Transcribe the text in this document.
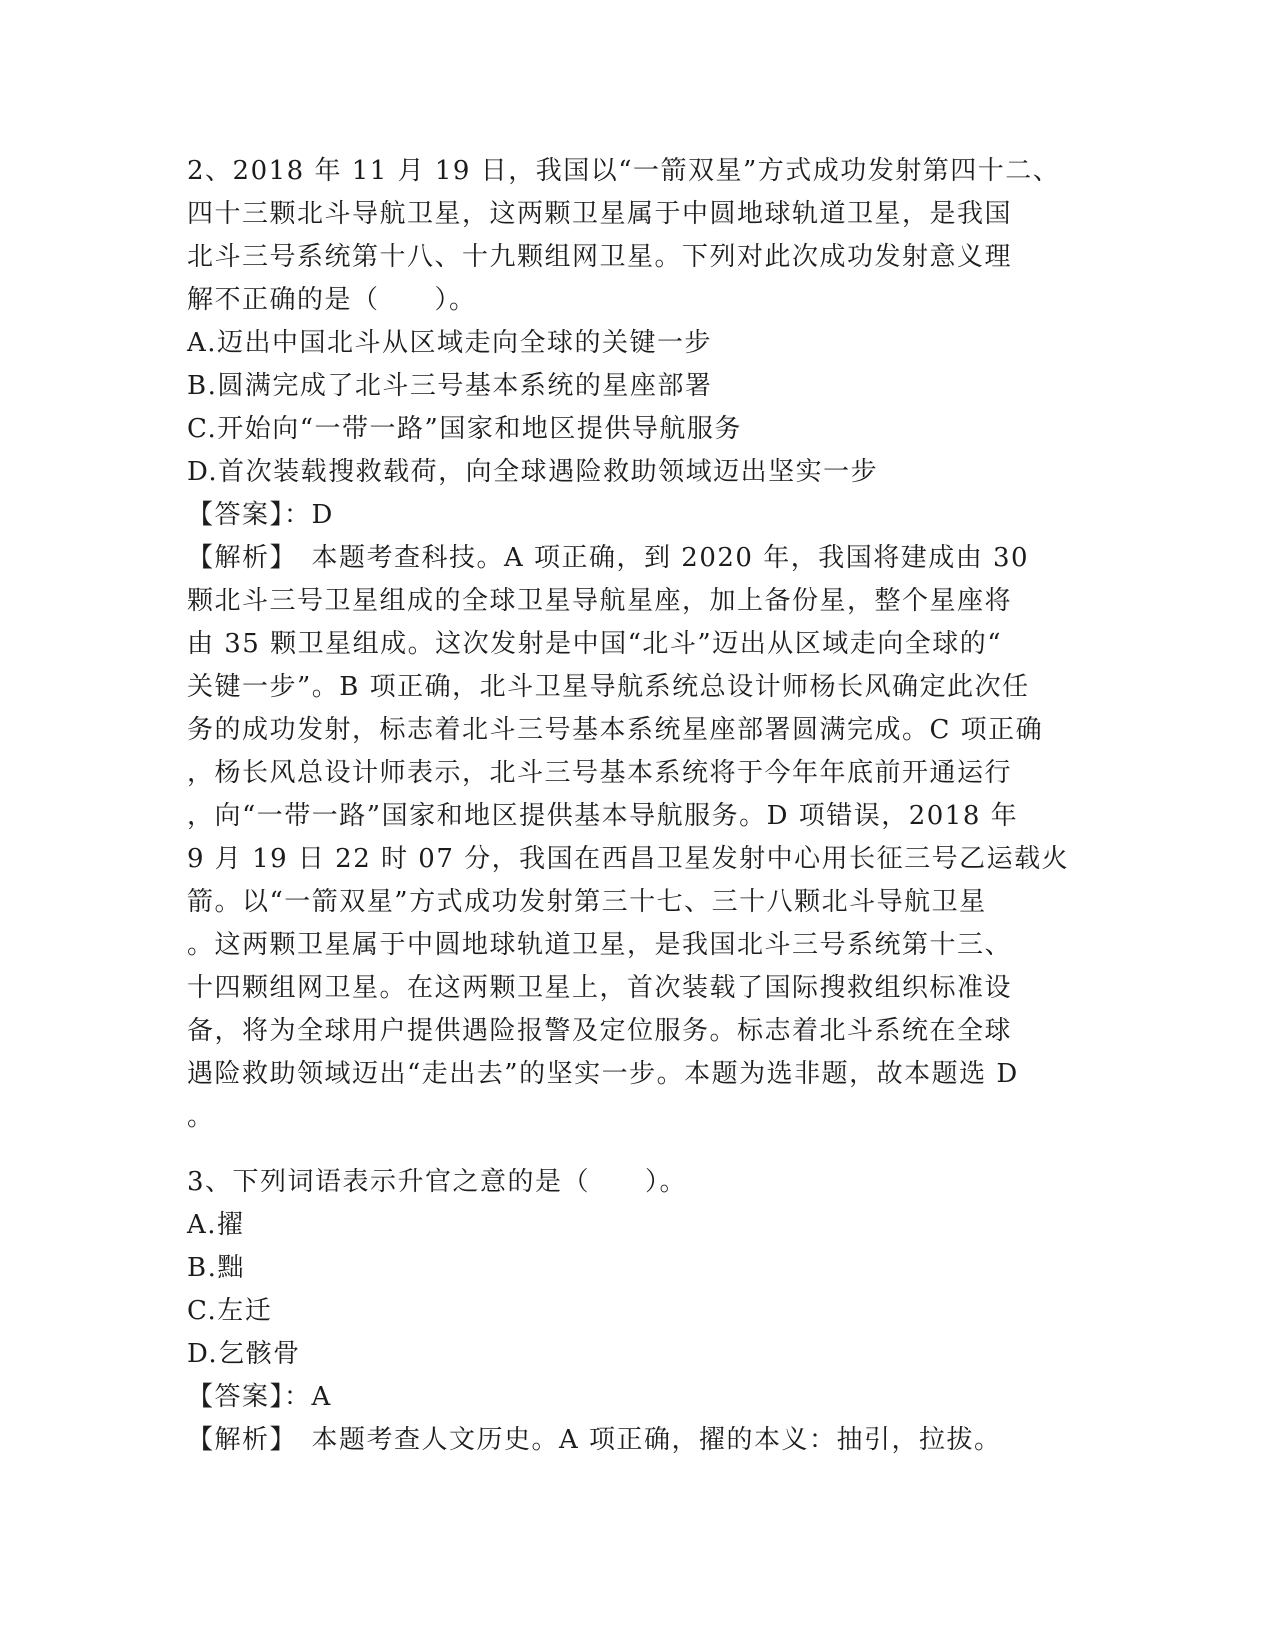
2、2018 年 11 月 19 日，我国以“一箭双星”方式成功发射第四十二、
四十三颗北斗导航卫星，这两颗卫星属于中圆地球轨道卫星，是我国
北斗三号系统第十八、十九颗组网卫星。下列对此次成功发射意义理
解不正确的是（　　）。
A.迈出中国北斗从区域走向全球的关键一步
B.圆满完成了北斗三号基本系统的星座部署
C.开始向“一带一路”国家和地区提供导航服务
D.首次装载搜救载荷，向全球遇险救助领域迈出坚实一步
【答案】：D
【解析】　本题考查科技。A 项正确，到 2020 年，我国将建成由 30
颗北斗三号卫星组成的全球卫星导航星座，加上备份星，整个星座将
由 35 颗卫星组成。这次发射是中国“北斗”迈出从区域走向全球的“
关键一步”。B 项正确，北斗卫星导航系统总设计师杨长风确定此次任
务的成功发射，标志着北斗三号基本系统星座部署圆满完成。C 项正确
，杨长风总设计师表示，北斗三号基本系统将于今年年底前开通运行
，向“一带一路”国家和地区提供基本导航服务。D 项错误，2018 年
9 月 19 日 22 时 07 分，我国在西昌卫星发射中心用长征三号乙运载火
箭。以“一箭双星”方式成功发射第三十七、三十八颗北斗导航卫星
。这两颗卫星属于中圆地球轨道卫星，是我国北斗三号系统第十三、
十四颗组网卫星。在这两颗卫星上，首次装载了国际搜救组织标准设
备，将为全球用户提供遇险报警及定位服务。标志着北斗系统在全球
遇险救助领域迈出“走出去”的坚实一步。本题为选非题，故本题选 D
。
3、下列词语表示升官之意的是（　　）。
A.擢
B.黜
C.左迁
D.乞骸骨
【答案】：A
【解析】　本题考查人文历史。A 项正确，擢的本义：抽引，拉拔。
